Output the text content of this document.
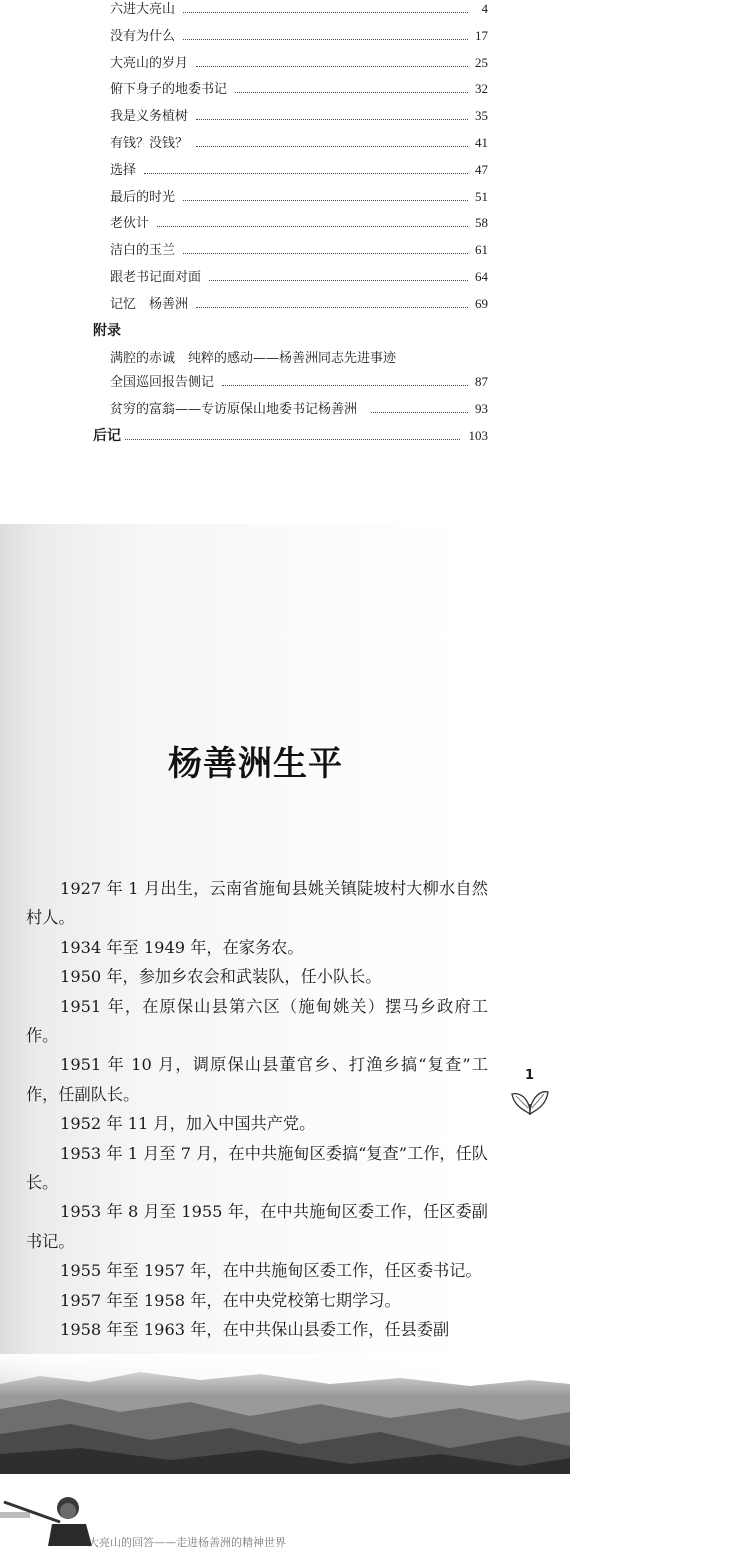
六进大亮山	4
没有为什么	17
大亮山的岁月	25
俯下身子的地委书记	32
我是义务植树	35
有钱？没钱？	41
选择	47
最后的时光	51
老伙计	58
洁白的玉兰	61
跟老书记面对面	64
记忆　杨善洲	69
附录
满腔的赤诚　纯粹的感动——杨善洲同志先进事迹
全国巡回报告侧记	87
贫穷的富翁——专访原保山地委书记杨善洲	93
后记	103
杨善洲生平

1927 年 1 月出生，云南省施甸县姚关镇陡坡村大柳水自然村人。

1934 年至 1949 年，在家务农。

1950 年，参加乡农会和武装队，任小队长。

1951 年，在原保山县第六区（施甸姚关）摆马乡政府工作。

1951 年 10 月，调原保山县董官乡、打渔乡搞“复查”工作，任副队长。

1952 年 11 月，加入中国共产党。

1953 年 1 月至 7 月，在中共施甸区委搞“复查”工作，任队长。

1953 年 8 月至 1955 年，在中共施甸区委工作，任区委副书记。

1955 年至 1957 年，在中共施甸区委工作，任区委书记。

1957 年至 1958 年，在中央党校第七期学习。

1958 年至 1963 年，在中共保山县委工作，任县委副

1
大亮山的回答——走进杨善洲的精神世界
